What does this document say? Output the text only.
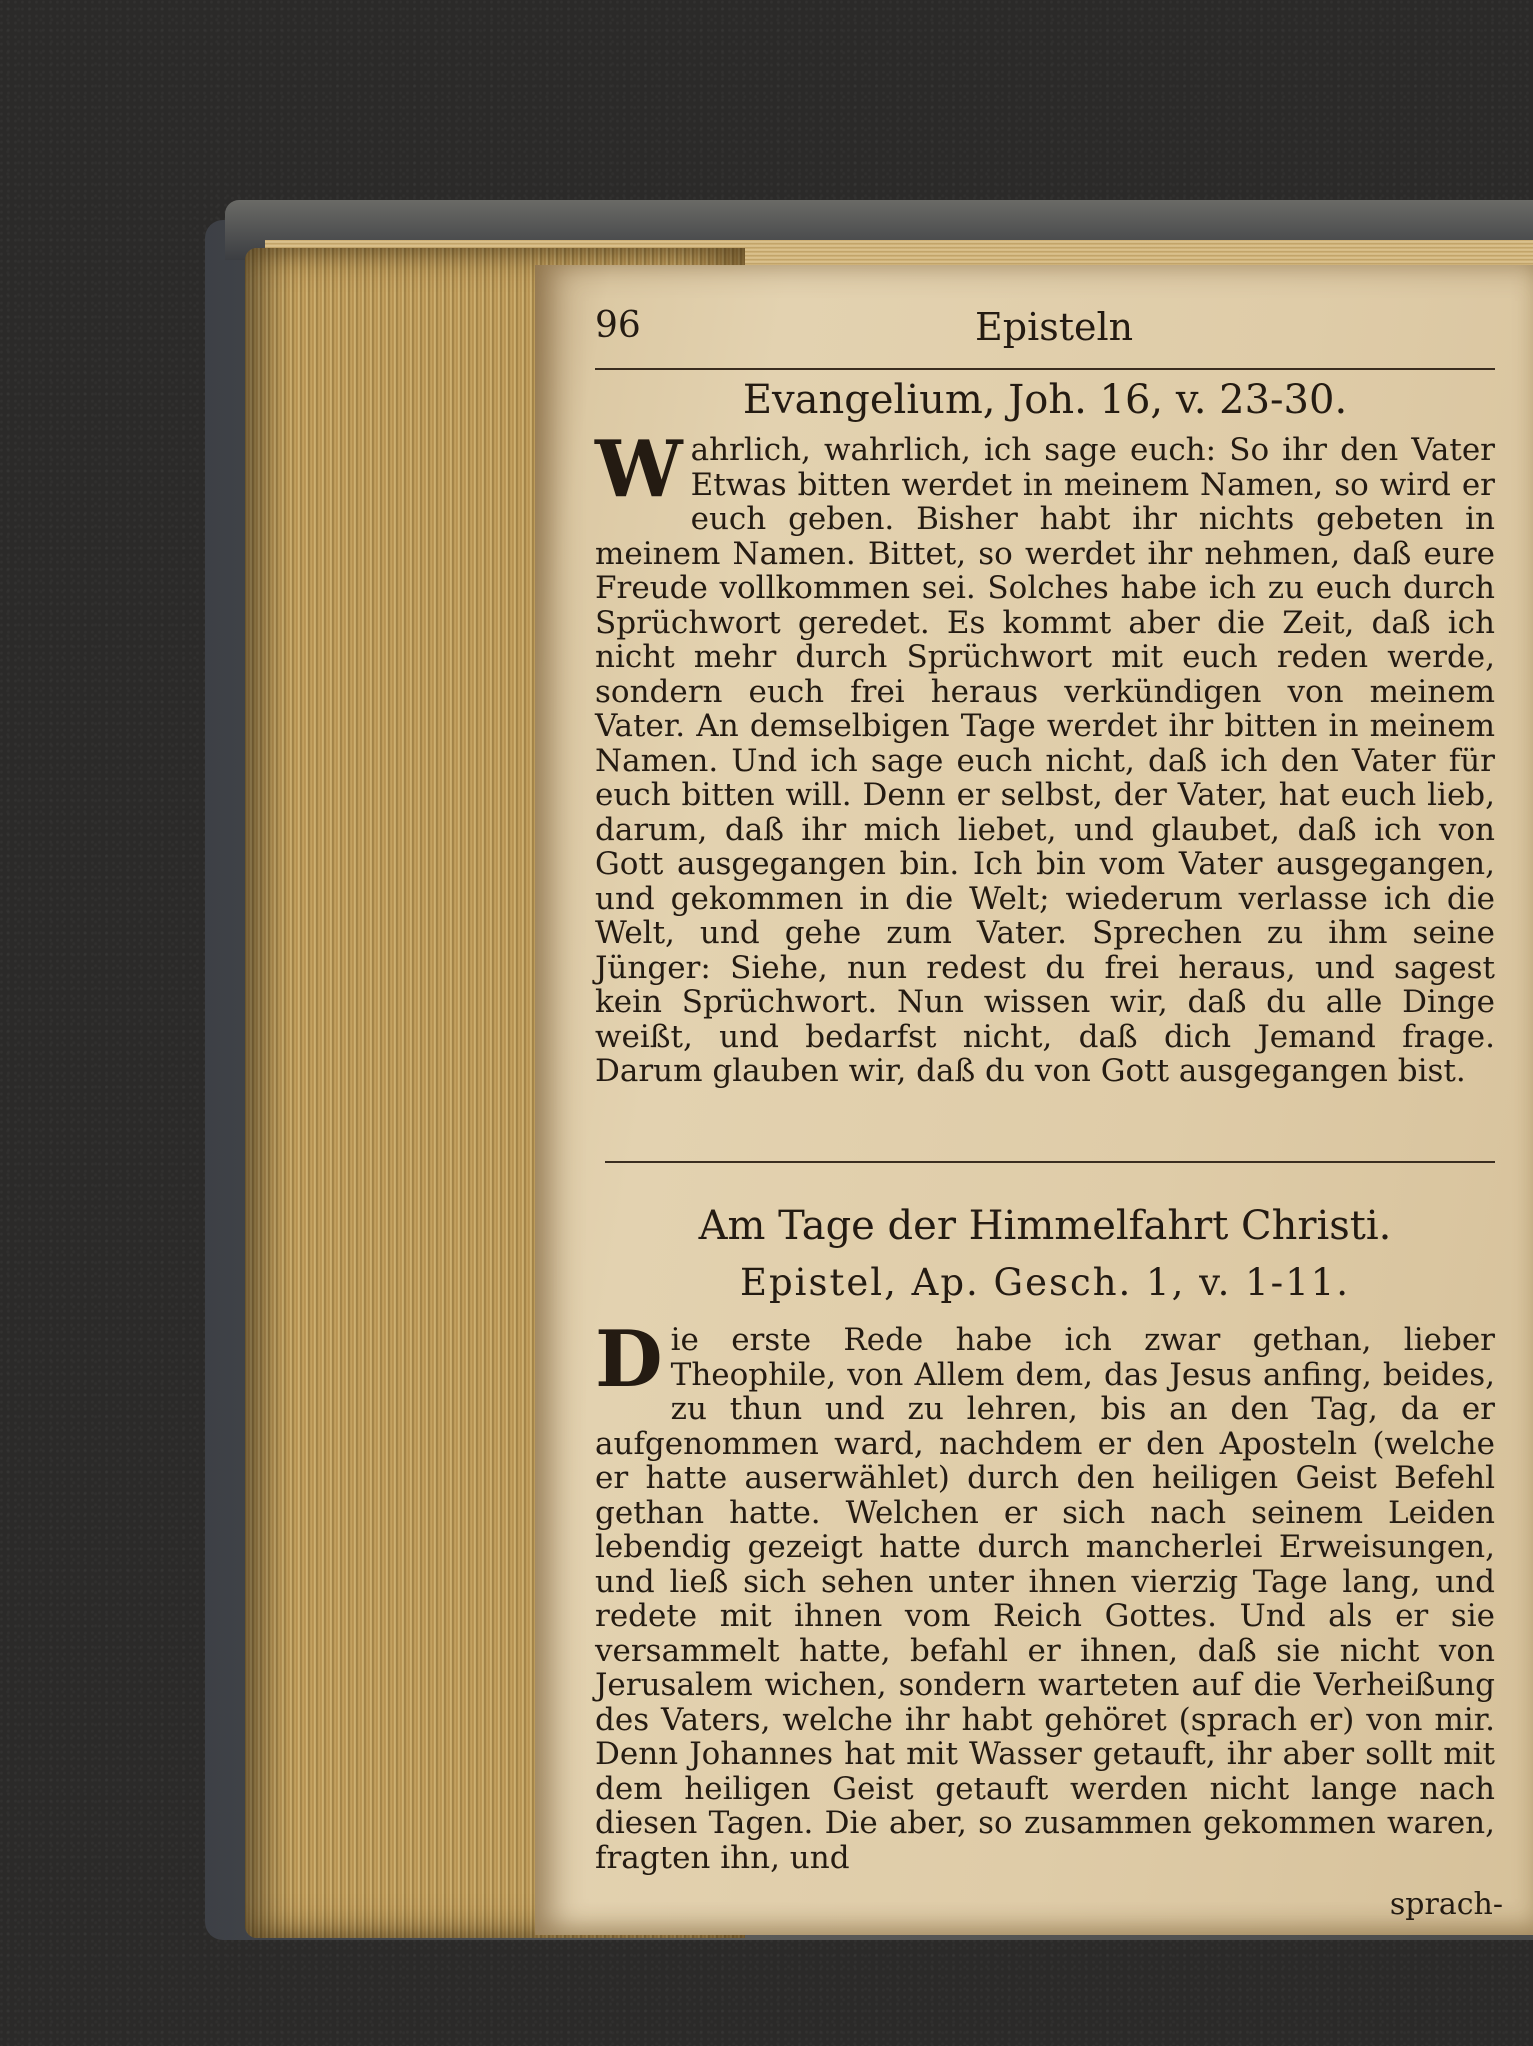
96	Episteln
Evangelium, Joh. 16, v. 23-30.
Wahrlich, wahrlich, ich sage euch: So ihr den Vater Etwas bitten werdet in meinem Namen, so wird er euch geben. Bisher habt ihr nichts gebeten in meinem Namen. Bittet, so werdet ihr nehmen, daß eure Freude vollkommen sei. Solches habe ich zu euch durch Sprüchwort geredet. Es kommt aber die Zeit, daß ich nicht mehr durch Sprüchwort mit euch reden werde, sondern euch frei heraus verkündigen von meinem Vater. An demselbigen Tage werdet ihr bitten in meinem Namen. Und ich sage euch nicht, daß ich den Vater für euch bitten will. Denn er selbst, der Vater, hat euch lieb, darum, daß ihr mich liebet, und glaubet, daß ich von Gott ausgegangen bin. Ich bin vom Vater ausgegangen, und gekommen in die Welt; wiederum verlasse ich die Welt, und gehe zum Vater. Sprechen zu ihm seine Jünger: Siehe, nun redest du frei heraus, und sagest kein Sprüchwort. Nun wissen wir, daß du alle Dinge weißt, und bedarfst nicht, daß dich Jemand frage. Darum glauben wir, daß du von Gott ausgegangen bist.
Am Tage der Himmelfahrt Christi.
Epistel, Ap. Gesch. 1, v. 1-11.
Die erste Rede habe ich zwar gethan, lieber Theophile, von Allem dem, das Jesus anfing, beides, zu thun und zu lehren, bis an den Tag, da er aufgenommen ward, nachdem er den Aposteln (welche er hatte auserwählet) durch den heiligen Geist Befehl gethan hatte. Welchen er sich nach seinem Leiden lebendig gezeigt hatte durch mancherlei Erweisungen, und ließ sich sehen unter ihnen vierzig Tage lang, und redete mit ihnen vom Reich Gottes. Und als er sie versammelt hatte, befahl er ihnen, daß sie nicht von Jerusalem wichen, sondern warteten auf die Verheißung des Vaters, welche ihr habt gehöret (sprach er) von mir. Denn Johannes hat mit Wasser getauft, ihr aber sollt mit dem heiligen Geist getauft werden nicht lange nach diesen Tagen. Die aber, so zusammen gekommen waren, fragten ihn, und
sprach-
